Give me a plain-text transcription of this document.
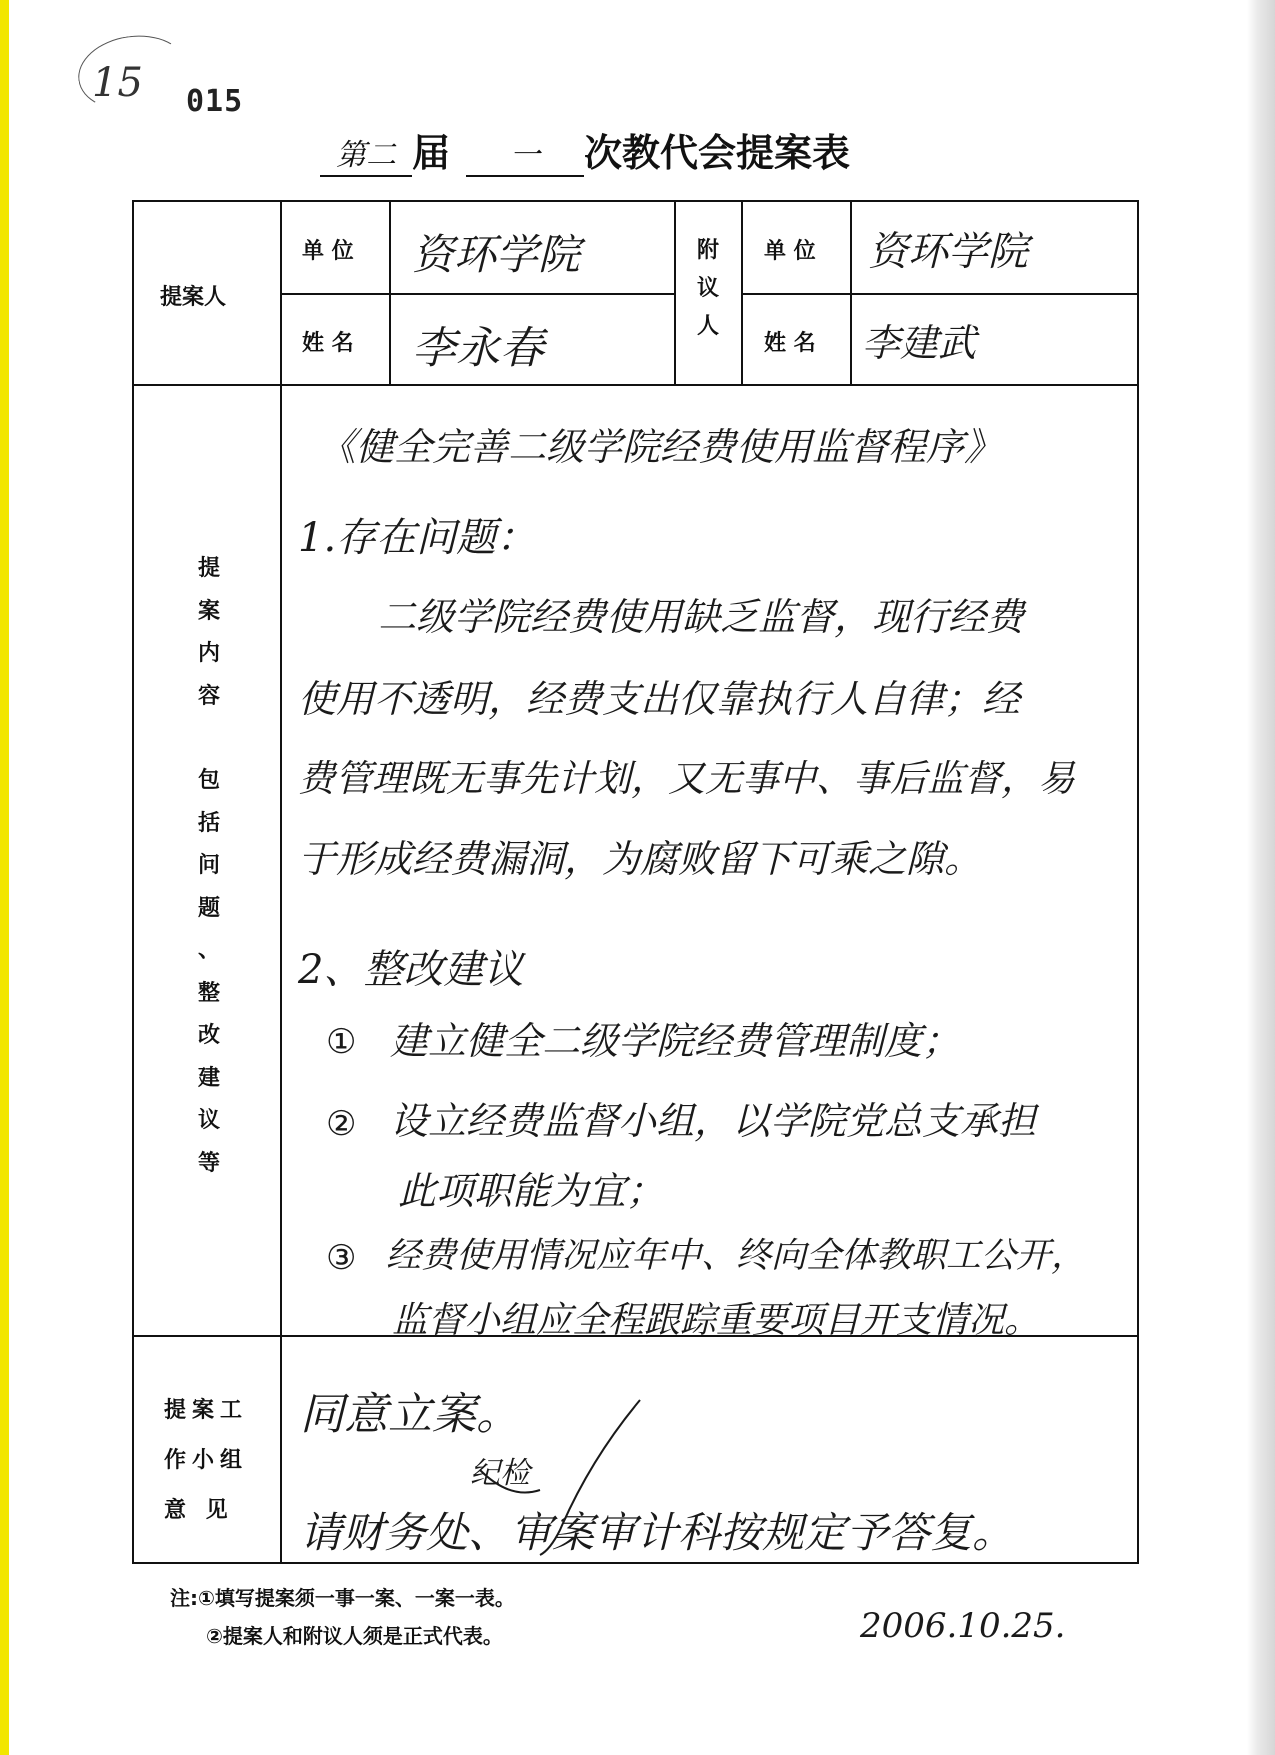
15 015
第二 届 一 次教代会提案表
提案人
单 位 资环学院
姓 名 李永春
附
议
人
单 位 资环学院
姓 名 李建武
提
案
内
容
包
括
问
题
、
整
改
建
议
等
《健全完善二级学院经费使用监督程序》
1.存在问题：
二级学院经费使用缺乏监督，现行经费
使用不透明，经费支出仅靠执行人自律；经
费管理既无事先计划，又无事中、事后监督，易
于形成经费漏洞，为腐败留下可乘之隙。
2、整改建议
① 建立健全二级学院经费管理制度；
② 设立经费监督小组，以学院党总支承担
此项职能为宜；
③ 经费使用情况应年中、终向全体教职工公开，
监督小组应全程跟踪重要项目开支情况。
提案工
作小组
意 见
同意立案。
纪检
请财务处、审案审计科按规定予答复。
注:①填写提案须一事一案、一案一表。
②提案人和附议人须是正式代表。	2006.10.25.
